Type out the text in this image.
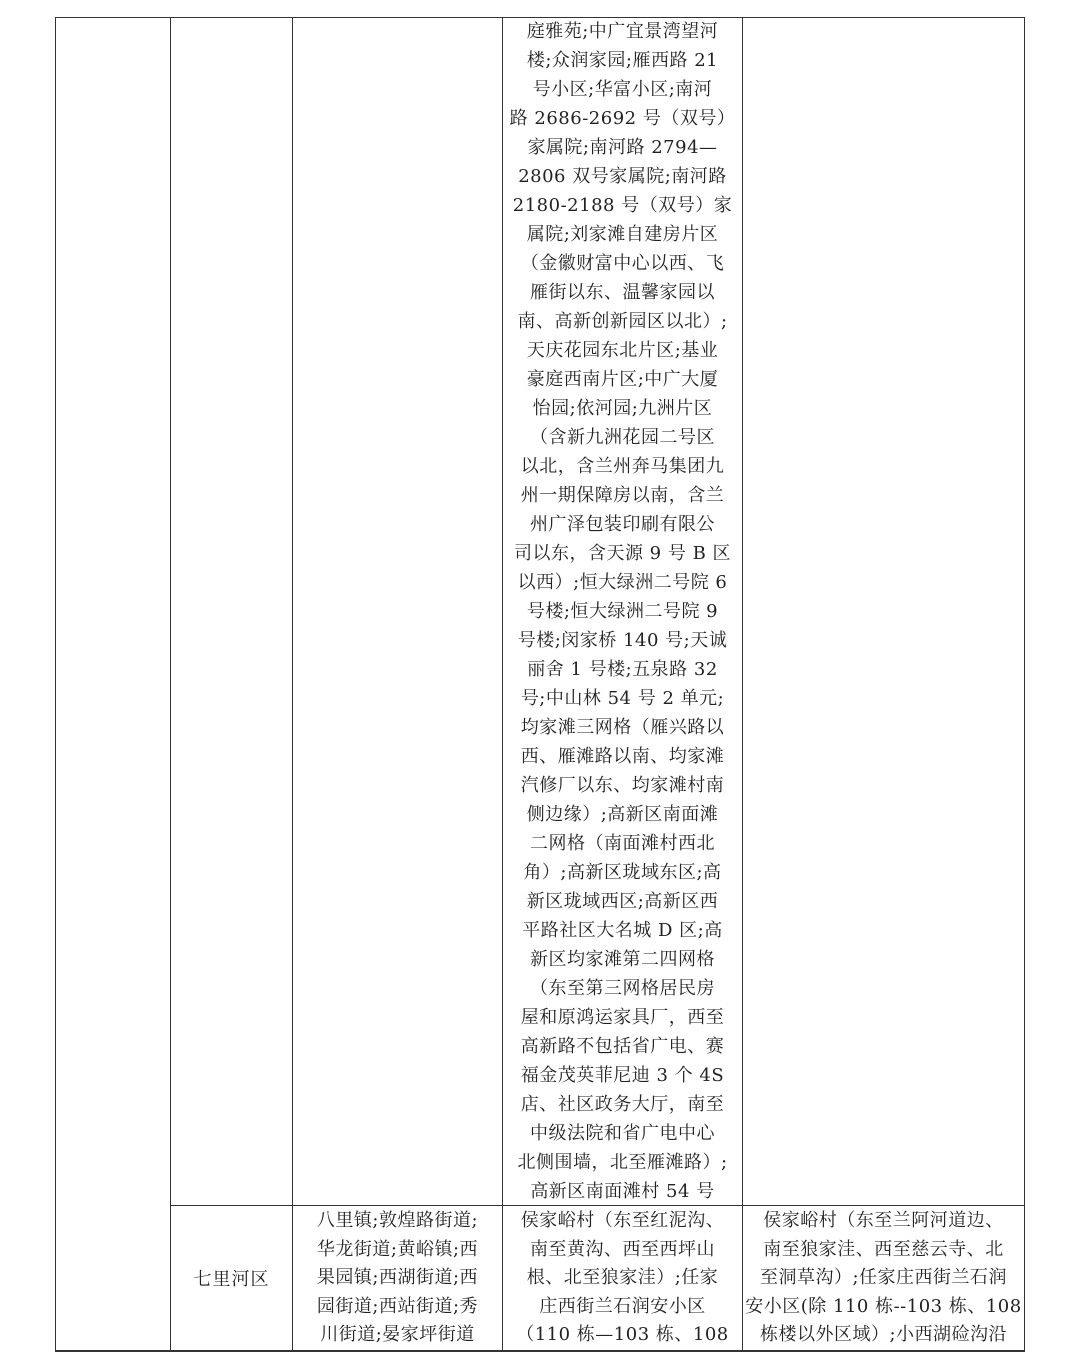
庭雅苑;中广宜景湾望河
楼;众润家园;雁西路 21
号小区;华富小区;南河
路 2686-2692 号（双号）
家属院;南河路 2794—
2806 双号家属院;南河路
2180-2188 号（双号）家
属院;刘家滩自建房片区
（金徽财富中心以西、飞
雁街以东、温馨家园以
南、高新创新园区以北）;
天庆花园东北片区;基业
豪庭西南片区;中广大厦
怡园;依河园;九洲片区
（含新九洲花园二号区
以北，含兰州奔马集团九
州一期保障房以南，含兰
州广泽包装印刷有限公
司以东，含天源 9 号 B 区
以西）;恒大绿洲二号院 6
号楼;恒大绿洲二号院 9
号楼;闵家桥 140 号;天诚
丽舍 1 号楼;五泉路 32
号;中山林 54 号 2 单元;
均家滩三网格（雁兴路以
西、雁滩路以南、均家滩
汽修厂以东、均家滩村南
侧边缘）;高新区南面滩
二网格（南面滩村西北
角）;高新区珑域东区;高
新区珑域西区;高新区西
平路社区大名城 D 区;高
新区均家滩第二四网格
（东至第三网格居民房
屋和原鸿运家具厂，西至
高新路不包括省广电、赛
福金茂英菲尼迪 3 个 4S
店、社区政务大厅，南至
中级法院和省广电中心
北侧围墙，北至雁滩路）;
高新区南面滩村 54 号
七里河区
八里镇;敦煌路街道;
华龙街道;黄峪镇;西
果园镇;西湖街道;西
园街道;西站街道;秀
川街道;晏家坪街道
侯家峪村（东至红泥沟、
南至黄沟、西至西坪山
根、北至狼家洼）;任家
庄西街兰石润安小区
（110 栋—103 栋、108
侯家峪村（东至兰阿河道边、
南至狼家洼、西至慈云寺、北
至洞草沟）;任家庄西街兰石润
安小区(除 110 栋--103 栋、108
栋楼以外区域）;小西湖硷沟沿
